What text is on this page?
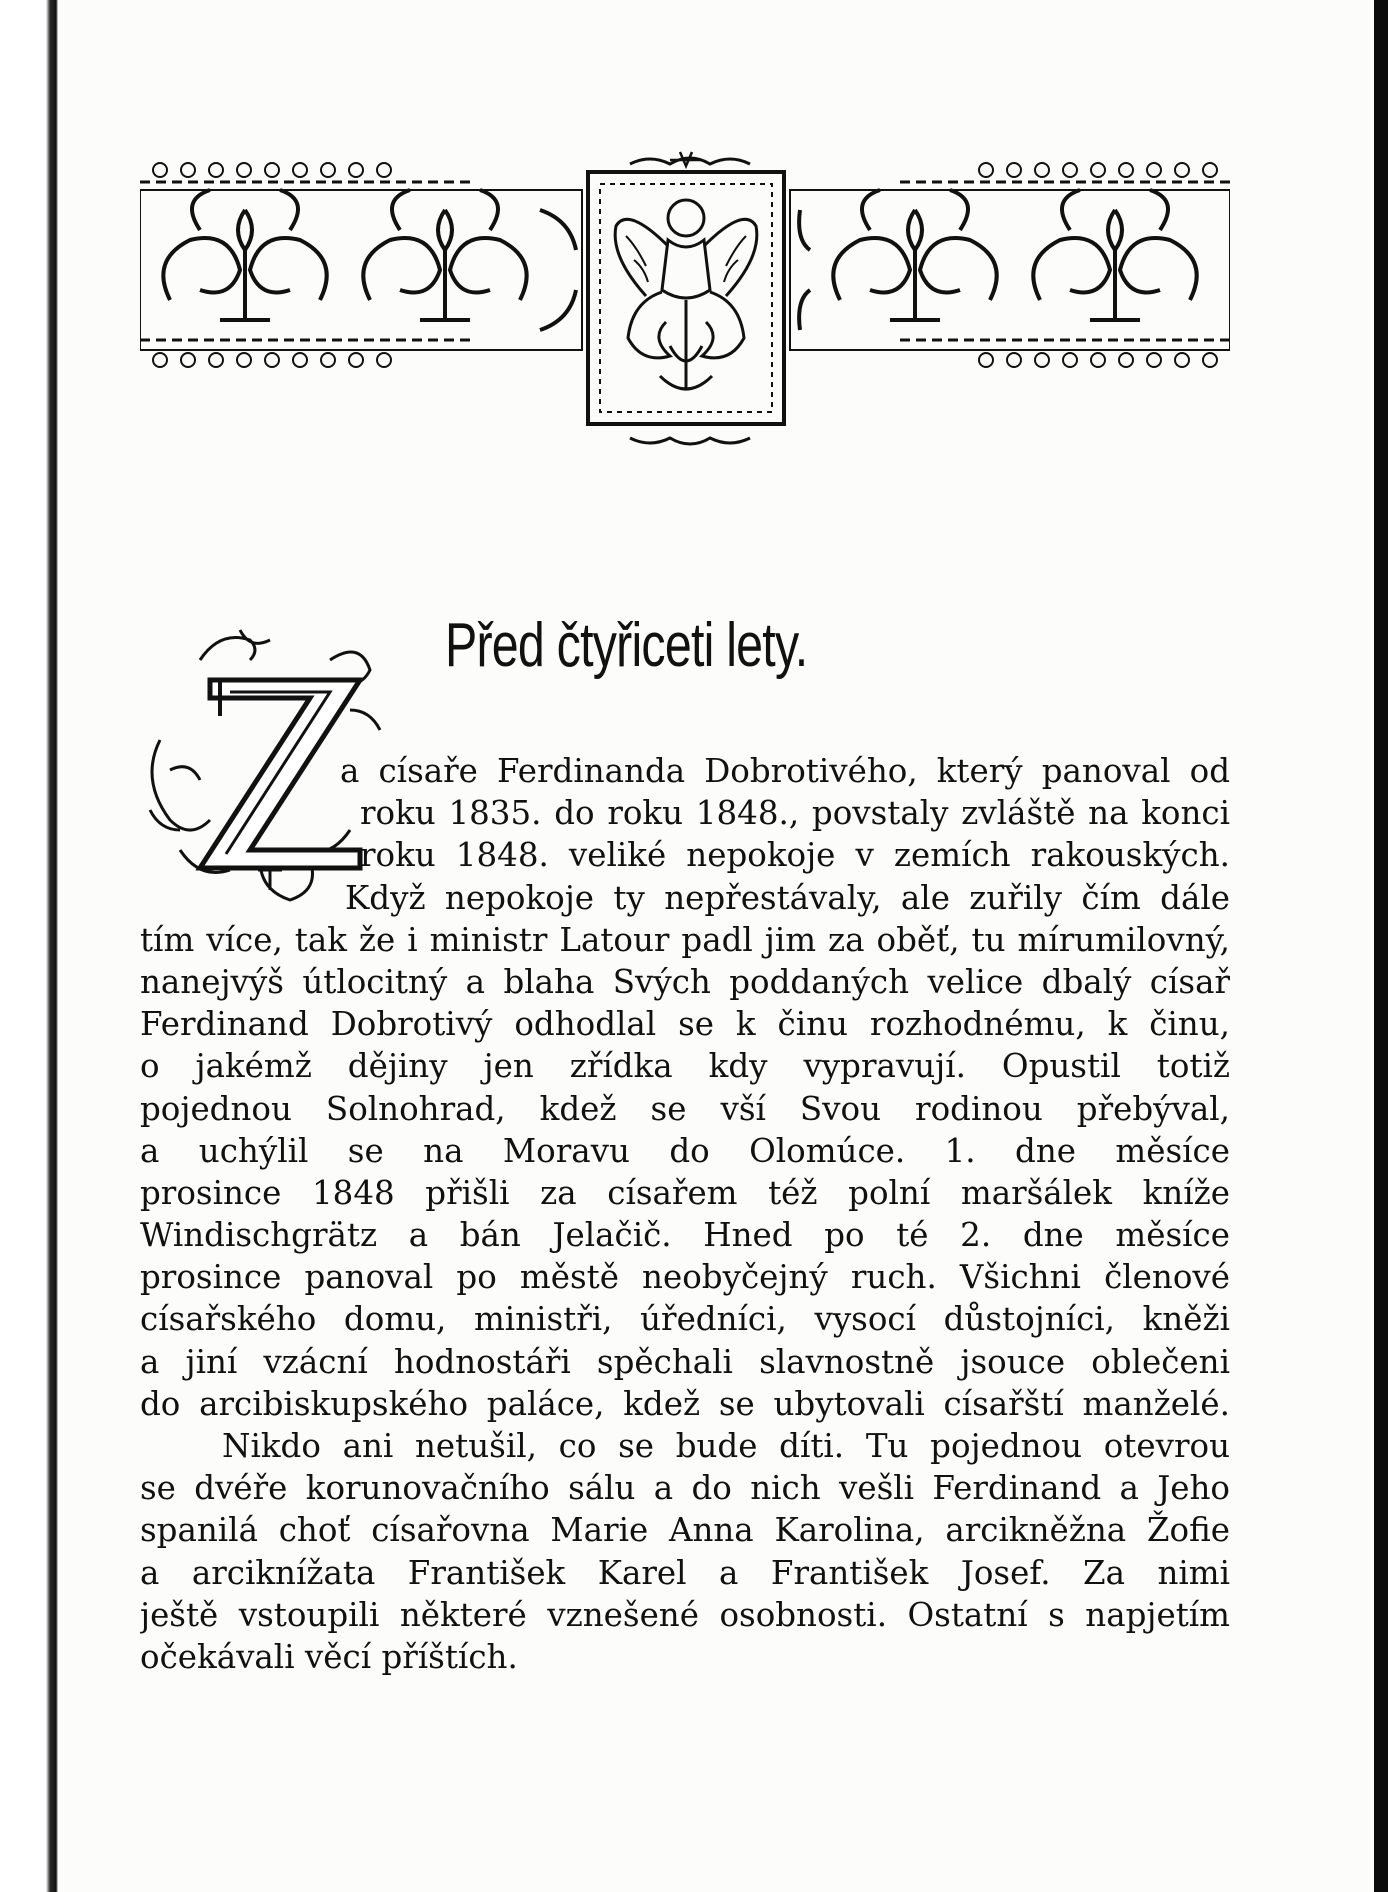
Před čtyřiceti lety.
a císaře Ferdinanda Dobrotivého, který panoval od
roku 1835. do roku 1848., povstaly zvláště na konci
roku 1848. veliké nepokoje v zemích rakouských.
Když nepokoje ty nepřestávaly, ale zuřily čím dále
tím více, tak že i ministr Latour padl jim za oběť, tu mírumilovný,
nanejvýš útlocitný a blaha Svých poddaných velice dbalý císař
Ferdinand Dobrotivý odhodlal se k činu rozhodnému, k činu,
o jakémž dějiny jen zřídka kdy vypravují. Opustil totiž
pojednou Solnohrad, kdež se vší Svou rodinou přebýval,
a uchýlil se na Moravu do Olomúce. 1. dne měsíce
prosince 1848 přišli za císařem též polní maršálek kníže
Windischgrätz a bán Jelačič. Hned po té 2. dne měsíce
prosince panoval po městě neobyčejný ruch. Všichni členové
císařského domu, ministři, úředníci, vysocí důstojníci, kněži
a jiní vzácní hodnostáři spěchali slavnostně jsouce oblečeni
do arcibiskupského paláce, kdež se ubytovali císařští manželé.
Nikdo ani netušil, co se bude díti. Tu pojednou otevrou
se dvéře korunovačního sálu a do nich vešli Ferdinand a Jeho
spanilá choť císařovna Marie Anna Karolina, arcikněžna Žofie
a arciknížata František Karel a František Josef. Za nimi
ještě vstoupili některé vznešené osobnosti. Ostatní s napjetím
očekávali věcí příštích.
